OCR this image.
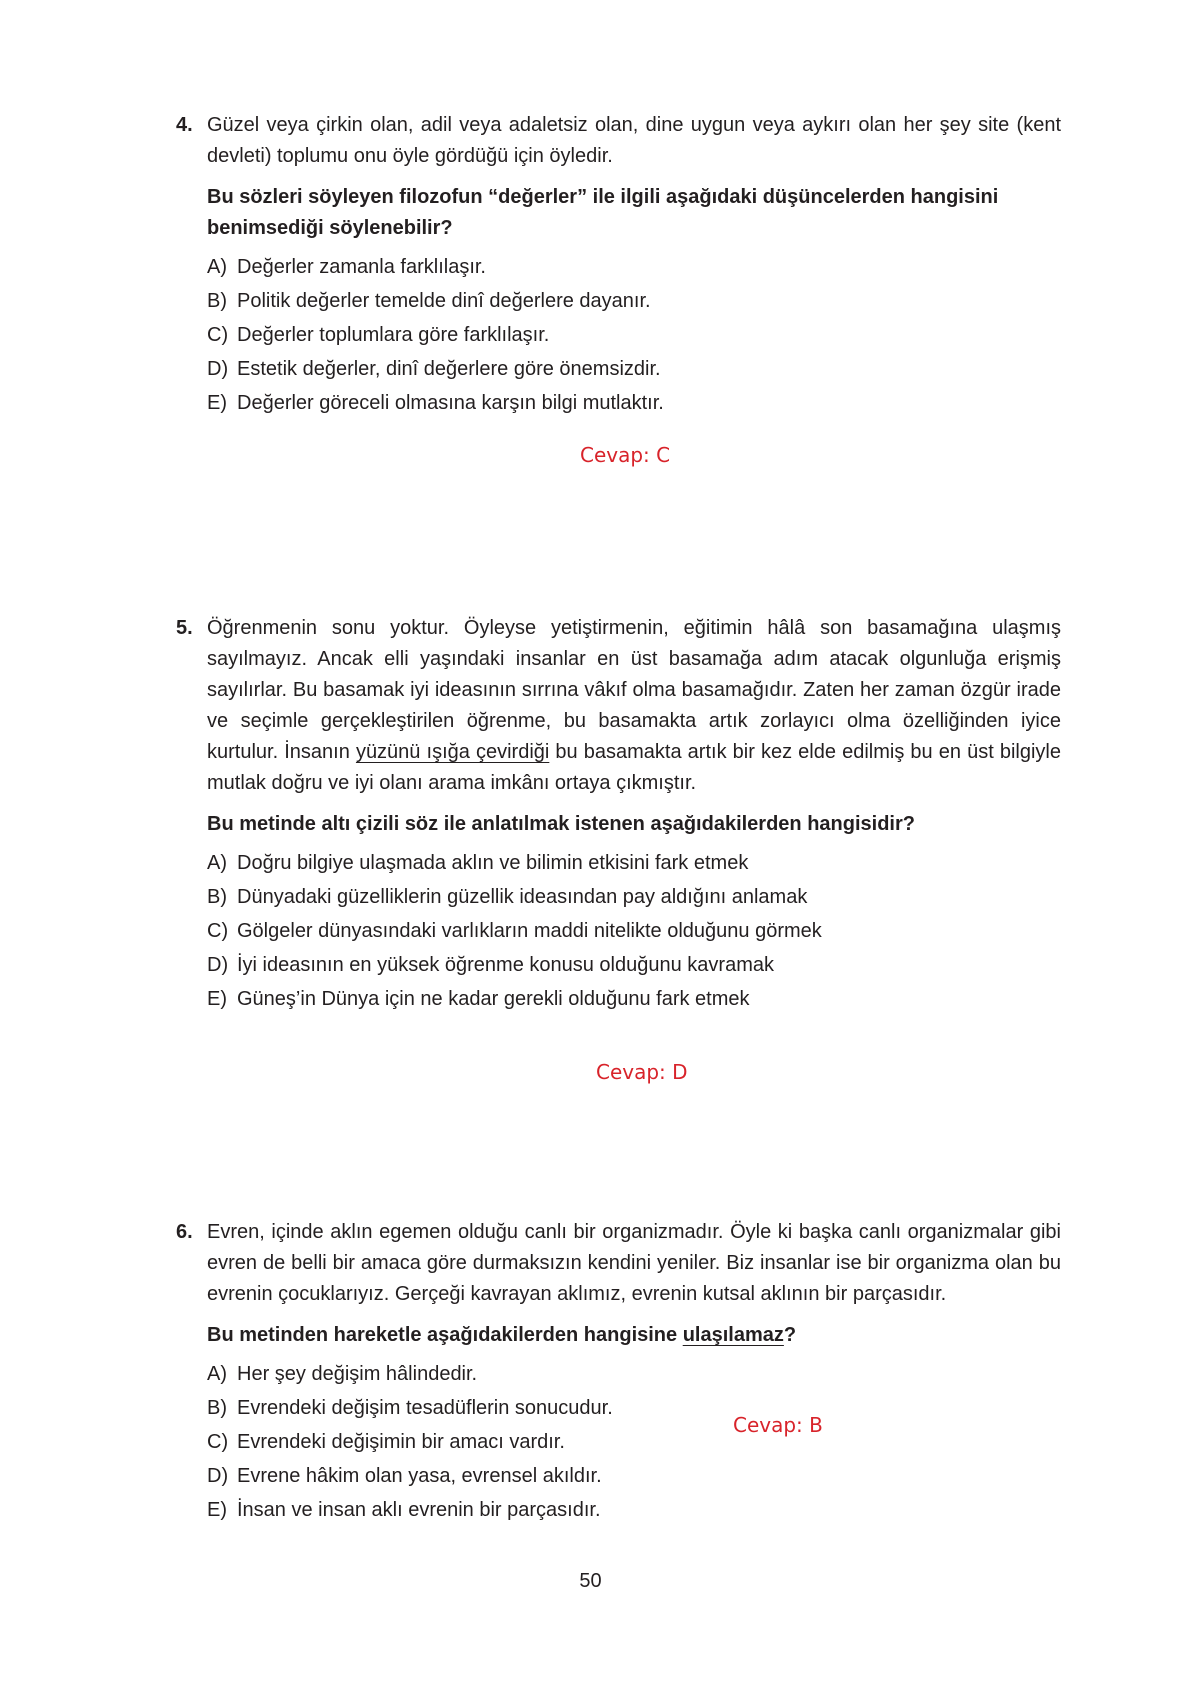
4. Güzel veya çirkin olan, adil veya adaletsiz olan, dine uygun veya aykırı olan her şey site (kent devleti) toplumu onu öyle gördüğü için öyledir.

Bu sözleri söyleyen filozofun “değerler” ile ilgili aşağıdaki düşüncelerden hangisini benimsediği söylenebilir?

A) Değerler zamanla farklılaşır.
B) Politik değerler temelde dinî değerlere dayanır.
C) Değerler toplumlara göre farklılaşır.
D) Estetik değerler, dinî değerlere göre önemsizdir.
E) Değerler göreceli olmasına karşın bilgi mutlaktır.
Cevap: C
5. Öğrenmenin sonu yoktur. Öyleyse yetiştirmenin, eğitimin hâlâ son basamağına ulaşmış sayılmayız. Ancak elli yaşındaki insanlar en üst basamağa adım atacak olgunluğa erişmiş sayılırlar. Bu basamak iyi ideasının sırrına vâkıf olma basamağıdır. Zaten her zaman özgür irade ve seçimle gerçekleştirilen öğrenme, bu basamakta artık zorlayıcı olma özelliğinden iyice kurtulur. İnsanın yüzünü ışığa çevirdiği bu basamakta artık bir kez elde edilmiş bu en üst bilgiyle mutlak doğru ve iyi olanı arama imkânı ortaya çıkmıştır.

Bu metinde altı çizili söz ile anlatılmak istenen aşağıdakilerden hangisidir?

A) Doğru bilgiye ulaşmada aklın ve bilimin etkisini fark etmek
B) Dünyadaki güzelliklerin güzellik ideasından pay aldığını anlamak
C) Gölgeler dünyasındaki varlıkların maddi nitelikte olduğunu görmek
D) İyi ideasının en yüksek öğrenme konusu olduğunu kavramak
E) Güneş’in Dünya için ne kadar gerekli olduğunu fark etmek
Cevap: D
6. Evren, içinde aklın egemen olduğu canlı bir organizmadır. Öyle ki başka canlı organizmalar gibi evren de belli bir amaca göre durmaksızın kendini yeniler. Biz insanlar ise bir organizma olan bu evrenin çocuklarıyız. Gerçeği kavrayan aklımız, evrenin kutsal aklının bir parçasıdır.

Bu metinden hareketle aşağıdakilerden hangisine ulaşılamaz?

A) Her şey değişim hâlindedir.
B) Evrendeki değişim tesadüflerin sonucudur.
C) Evrendeki değişimin bir amacı vardır.
D) Evrene hâkim olan yasa, evrensel akıldır.
E) İnsan ve insan aklı evrenin bir parçasıdır.
Cevap: B
50
